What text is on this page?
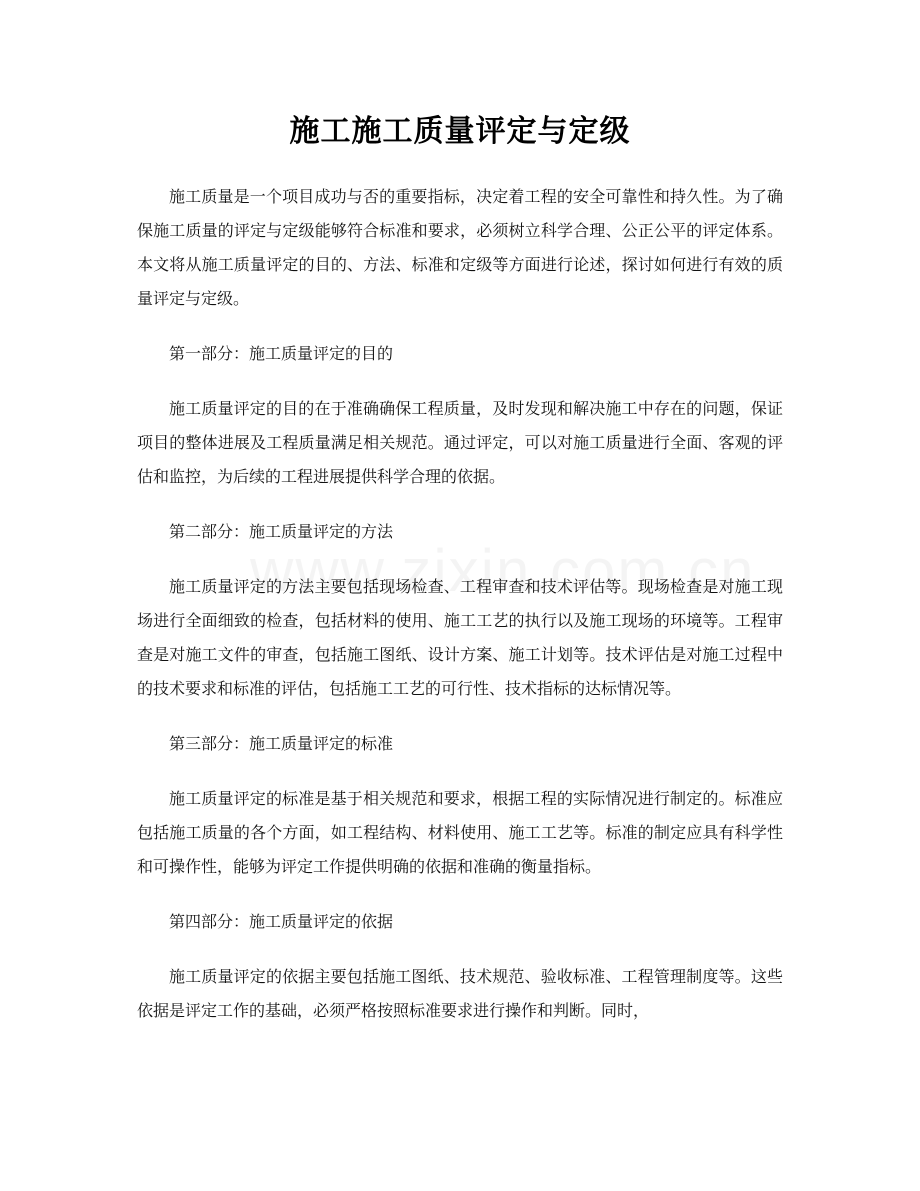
施工施工质量评定与定级

施工质量是一个项目成功与否的重要指标，决定着工程的安全可靠性和持久性。为了确保施工质量的评定与定级能够符合标准和要求，必须树立科学合理、公正公平的评定体系。本文将从施工质量评定的目的、方法、标准和定级等方面进行论述，探讨如何进行有效的质量评定与定级。

第一部分：施工质量评定的目的

施工质量评定的目的在于准确确保工程质量，及时发现和解决施工中存在的问题，保证项目的整体进展及工程质量满足相关规范。通过评定，可以对施工质量进行全面、客观的评估和监控，为后续的工程进展提供科学合理的依据。

第二部分：施工质量评定的方法

施工质量评定的方法主要包括现场检查、工程审查和技术评估等。现场检查是对施工现场进行全面细致的检查，包括材料的使用、施工工艺的执行以及施工现场的环境等。工程审查是对施工文件的审查，包括施工图纸、设计方案、施工计划等。技术评估是对施工过程中的技术要求和标准的评估，包括施工工艺的可行性、技术指标的达标情况等。

第三部分：施工质量评定的标准

施工质量评定的标准是基于相关规范和要求，根据工程的实际情况进行制定的。标准应包括施工质量的各个方面，如工程结构、材料使用、施工工艺等。标准的制定应具有科学性和可操作性，能够为评定工作提供明确的依据和准确的衡量指标。

第四部分：施工质量评定的依据

施工质量评定的依据主要包括施工图纸、技术规范、验收标准、工程管理制度等。这些依据是评定工作的基础，必须严格按照标准要求进行操作和判断。同时，
